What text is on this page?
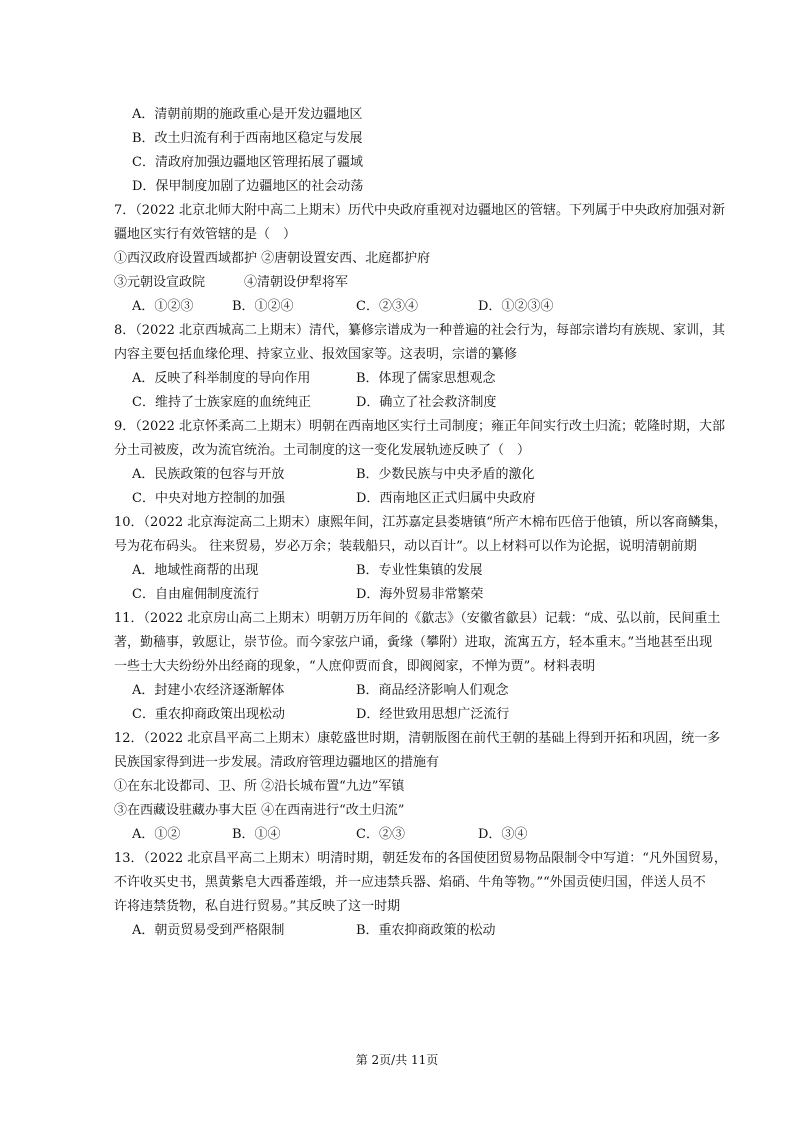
A．清朝前期的施政重心是开发边疆地区
B．改土归流有利于西南地区稳定与发展
C．清政府加强边疆地区管理拓展了疆域
D．保甲制度加剧了边疆地区的社会动荡
7．（2022 北京北师大附中高二上期末）历代中央政府重视对边疆地区的管辖。下列属于中央政府加强对新
疆地区实行有效管辖的是（　）
①西汉政府设置西域都护 ②唐朝设置安西、北庭都护府
③元朝设宣政院　　　④清朝设伊犁将军
A．①②③	B．①②④	C．②③④	D．①②③④
8．（2022 北京西城高二上期末）清代，纂修宗谱成为一种普遍的社会行为，每部宗谱均有族规、家训，其
内容主要包括血缘伦理、持家立业、报效国家等。这表明，宗谱的纂修
A．反映了科举制度的导向作用	B．体现了儒家思想观念
C．维持了士族家庭的血统纯正	D．确立了社会救济制度
9．（2022 北京怀柔高二上期末）明朝在西南地区实行土司制度；雍正年间实行改土归流；乾隆时期，大部
分土司被废，改为流官统治。土司制度的这一变化发展轨迹反映了（　）
A．民族政策的包容与开放	B．少数民族与中央矛盾的激化
C．中央对地方控制的加强	D．西南地区正式归属中央政府
10．（2022 北京海淀高二上期末）康熙年间，江苏嘉定县娄塘镇“所产木棉布匹倍于他镇，所以客商鳞集，
号为花布码头。 往来贸易，岁必万余；装载船只，动以百计”。以上材料可以作为论据，说明清朝前期
A．地域性商帮的出现	B．专业性集镇的发展
C．自由雇佣制度流行	D．海外贸易非常繁荣
11．（2022 北京房山高二上期末）明朝万历年间的《歙志》（安徽省歙县）记载：“成、弘以前，民间重土
著，勤穑事，敦愿让，崇节俭。而今家弦户诵，夤缘（攀附）进取，流寓五方，轻本重末。”当地甚至出现
一些士大夫纷纷外出经商的现象，“人庶仰贾而食，即阀阅家，不惮为贾”。材料表明
A．封建小农经济逐渐解体	B．商品经济影响人们观念
C．重农抑商政策出现松动	D．经世致用思想广泛流行
12．（2022 北京昌平高二上期末）康乾盛世时期，清朝版图在前代王朝的基础上得到开拓和巩固，统一多
民族国家得到进一步发展。清政府管理边疆地区的措施有
①在东北设都司、卫、所 ②沿长城布置“九边”军镇
③在西藏设驻藏办事大臣 ④在西南进行“改土归流”
A．①②	B．①④	C．②③	D．③④
13．（2022 北京昌平高二上期末）明清时期，朝廷发布的各国使团贸易物品限制令中写道：“凡外国贸易，
不许收买史书，黑黄紫皂大西番莲缎，并一应违禁兵器、焰硝、牛角等物。”“外国贡使归国，伴送人员不
许将违禁货物，私自进行贸易。”其反映了这一时期
A．朝贡贸易受到严格限制	B．重农抑商政策的松动
第 2页/共 11页
